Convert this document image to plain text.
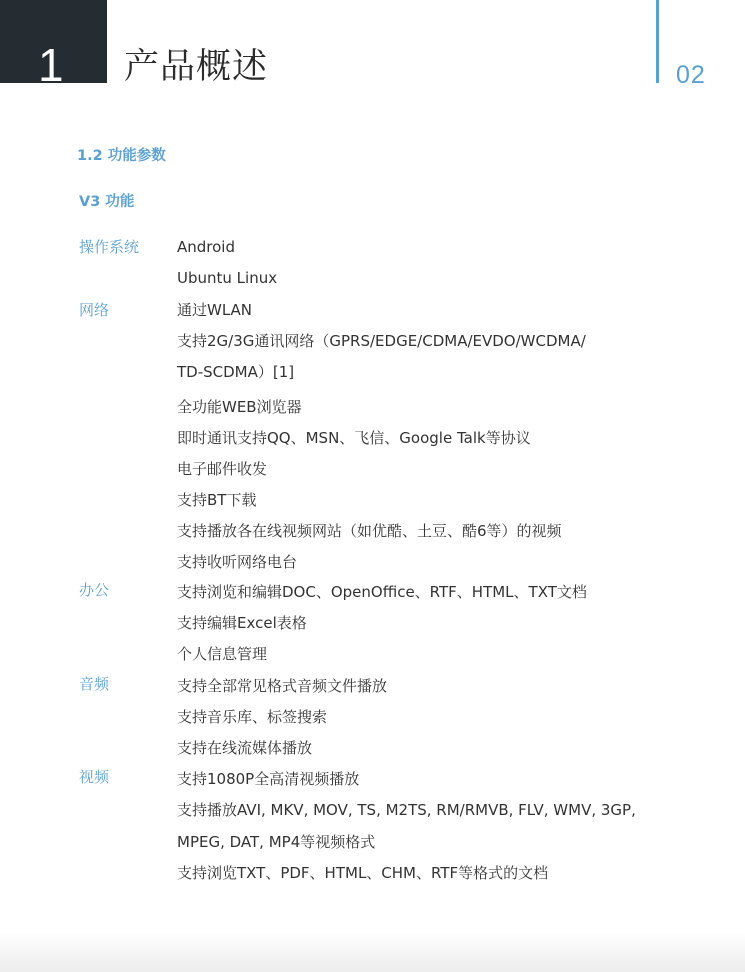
1 产品概述	02
1.2 功能参数
V3 功能
操作系统
网络
办公
音频
视频
Android
Ubuntu Linux
通过WLAN
支持2G/3G通讯网络（GPRS/EDGE/CDMA/EVDO/WCDMA/
TD-SCDMA）[1]
全功能WEB浏览器
即时通讯支持QQ、MSN、飞信、Google Talk等协议
电子邮件收发
支持BT下载
支持播放各在线视频网站（如优酷、土豆、酷6等）的视频
支持收听网络电台
支持浏览和编辑DOC、OpenOffice、RTF、HTML、TXT文档
支持编辑Excel表格
个人信息管理
支持全部常见格式音频文件播放
支持音乐库、标签搜索
支持在线流媒体播放
支持1080P全高清视频播放
支持播放AVI, MKV, MOV, TS, M2TS, RM/RMVB, FLV, WMV, 3GP,
MPEG, DAT, MP4等视频格式
支持浏览TXT、PDF、HTML、CHM、RTF等格式的文档
